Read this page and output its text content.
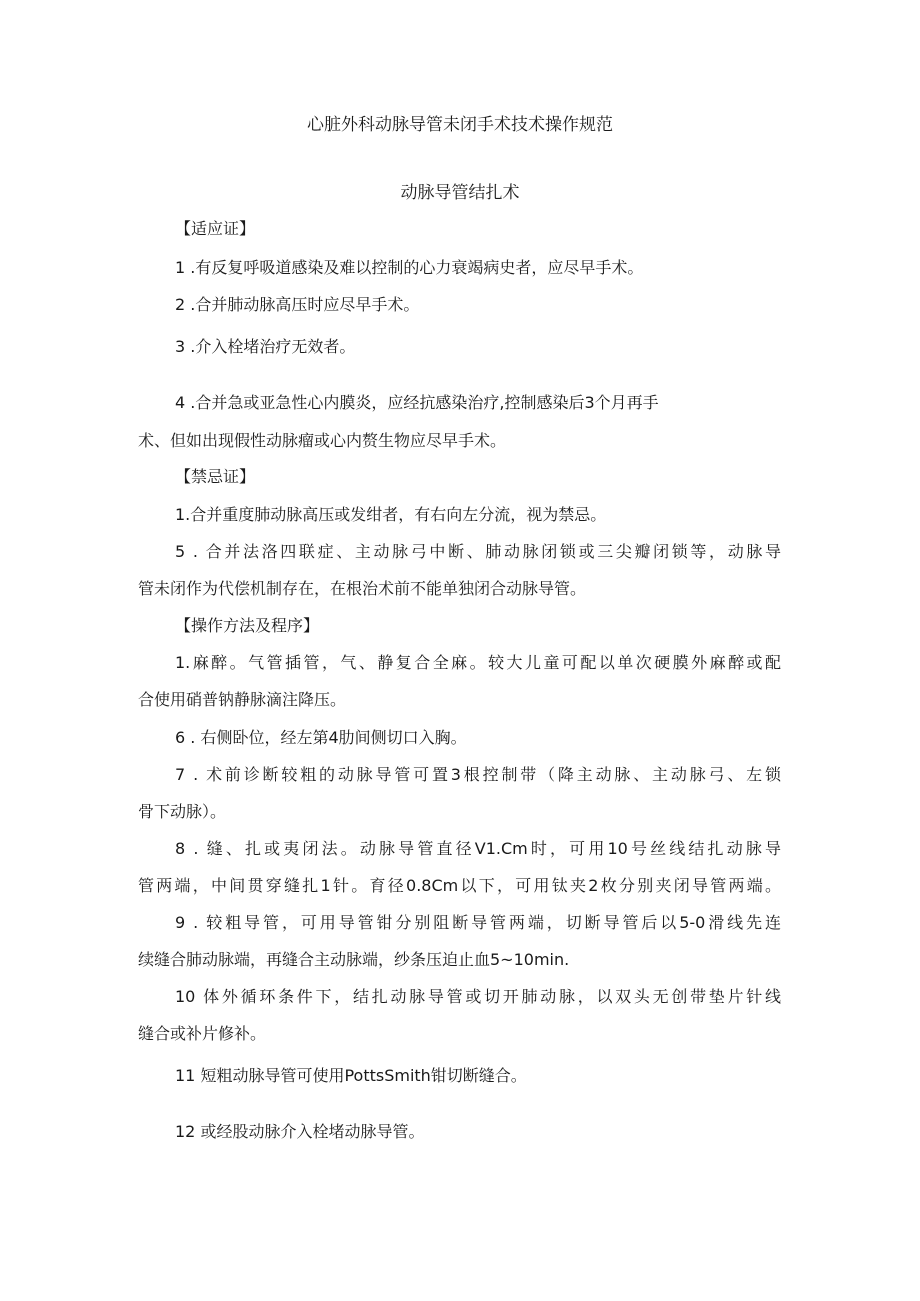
心脏外科动脉导管未闭手术技术操作规范
动脉导管结扎术
【适应证】
1 .有反复呼吸道感染及难以控制的心力衰竭病史者，应尽早手术。
2 .合并肺动脉高压时应尽早手术。
3 .介入栓堵治疗无效者。
4 .合并急或亚急性心内膜炎，应经抗感染治疗,控制感染后3个月再手
术、但如出现假性动脉瘤或心内赘生物应尽早手术。
【禁忌证】
1.合并重度肺动脉高压或发绀者，有右向左分流，视为禁忌。
5 . 合并法洛四联症、主动脉弓中断、肺动脉闭锁或三尖瓣闭锁等，动脉导
管未闭作为代偿机制存在，在根治术前不能单独闭合动脉导管。
【操作方法及程序】
1.麻醉。气管插管，气、静复合全麻。较大儿童可配以单次硬膜外麻醉或配
合使用硝普钠静脉滴注降压。
6 . 右侧卧位，经左第4肋间侧切口入胸。
7 . 术前诊断较粗的动脉导管可置3根控制带（降主动脉、主动脉弓、左锁
骨下动脉）。
8 . 缝、扎或夷闭法。动脉导管直径V1.Cm时，可用10号丝线结扎动脉导
管两端，中间贯穿缝扎1针。育径0.8Cm以下，可用钛夹2枚分别夹闭导管两端。
9 . 较粗导管，可用导管钳分别阻断导管两端，切断导管后以5-0滑线先连
续缝合肺动脉端，再缝合主动脉端，纱条压迫止血5~10min.
10 体外循环条件下，结扎动脉导管或切开肺动脉，以双头无创带垫片针线
缝合或补片修补。
11 短粗动脉导管可使用PottsSmith钳切断缝合。
12 或经股动脉介入栓堵动脉导管。
